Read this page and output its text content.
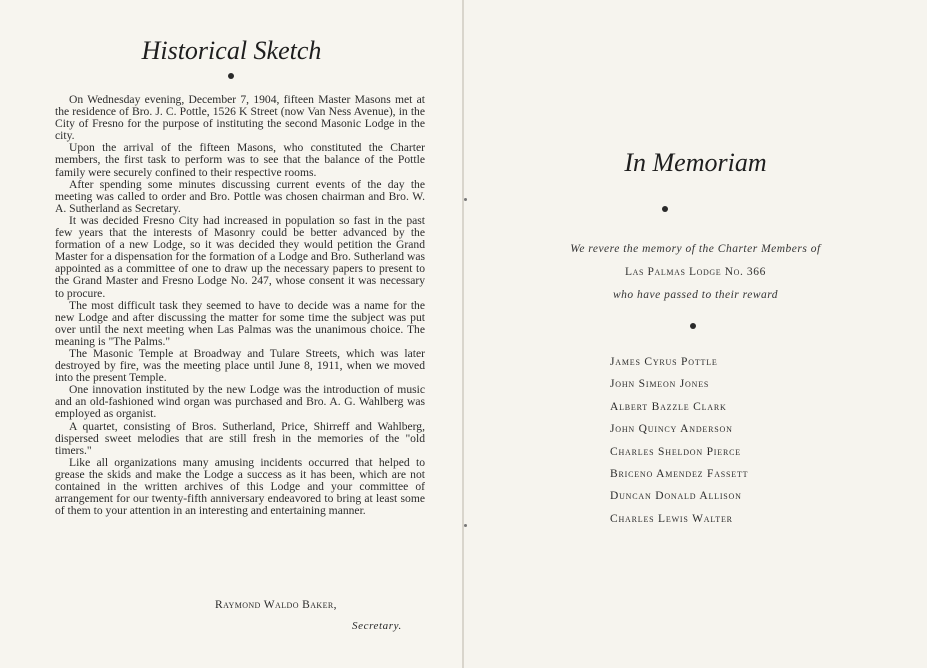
Historical Sketch

On Wednesday evening, December 7, 1904, fifteen Master Masons met at the residence of Bro. J. C. Pottle, 1526 K Street (now Van Ness Avenue), in the City of Fresno for the purpose of instituting the second Masonic Lodge in the city.

Upon the arrival of the fifteen Masons, who constituted the Charter members, the first task to perform was to see that the balance of the Pottle family were securely confined to their respective rooms.

After spending some minutes discussing current events of the day the meeting was called to order and Bro. Pottle was chosen chairman and Bro. W. A. Sutherland as Secretary.

It was decided Fresno City had increased in population so fast in the past few years that the interests of Masonry could be better advanced by the formation of a new Lodge, so it was decided they would petition the Grand Master for a dispensation for the formation of a Lodge and Bro. Sutherland was appointed as a committee of one to draw up the necessary papers to present to the Grand Master and Fresno Lodge No. 247, whose consent it was necessary to procure.

The most difficult task they seemed to have to decide was a name for the new Lodge and after discussing the matter for some time the subject was put over until the next meeting when Las Palmas was the unanimous choice. The meaning is "The Palms."

The Masonic Temple at Broadway and Tulare Streets, which was later destroyed by fire, was the meeting place until June 8, 1911, when we moved into the present Temple.

One innovation instituted by the new Lodge was the introduction of music and an old-fashioned wind organ was purchased and Bro. A. G. Wahlberg was employed as organist.

A quartet, consisting of Bros. Sutherland, Price, Shirreff and Wahlberg, dispersed sweet melodies that are still fresh in the memories of the "old timers."

Like all organizations many amusing incidents occurred that helped to grease the skids and make the Lodge a success as it has been, which are not contained in the written archives of this Lodge and your committee of arrangement for our twenty-fifth anniversary endeavored to bring at least some of them to your attention in an interesting and entertaining manner.

Raymond Waldo Baker,
Secretary.
In Memoriam
We revere the memory of the Charter Members of
Las Palmas Lodge No. 366
who have passed to their reward
James Cyrus Pottle
John Simeon Jones
Albert Bazzle Clark
John Quincy Anderson
Charles Sheldon Pierce
Briceno Amendez Fassett
Duncan Donald Allison
Charles Lewis Walter
